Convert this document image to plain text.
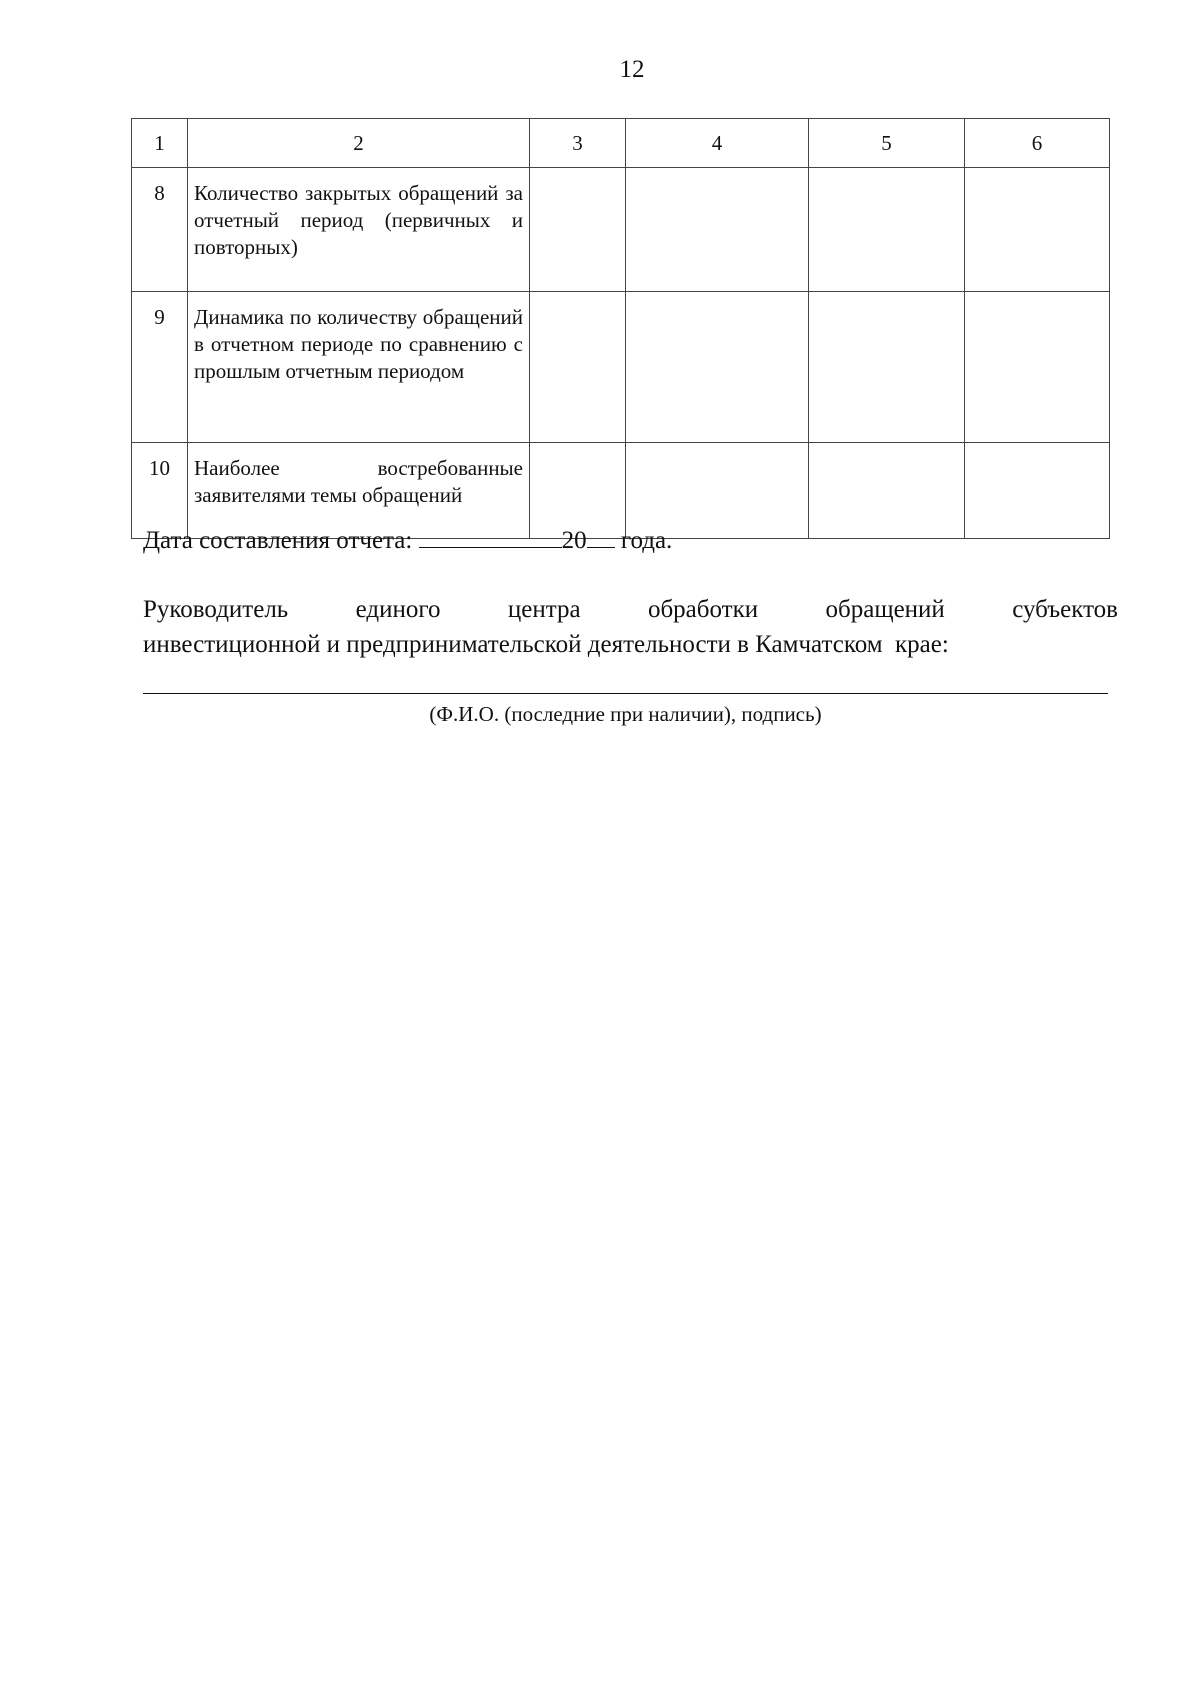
12
1	2	3	4	5	6
8	Количество закрытых обращений за отчетный период (первичных и повторных)				
9	Динамика по количеству обращений в отчетном периоде по сравнению с прошлым отчетным периодом				
10	Наиболее востребованные заявителями темы обращений				
Дата составления отчета:	20 года.
Руководитель	единого	центра	обработки	обращений	субъектов
инвестиционной и предпринимательской деятельности в Камчатском  крае:
(Ф.И.О. (последние при наличии), подпись)
